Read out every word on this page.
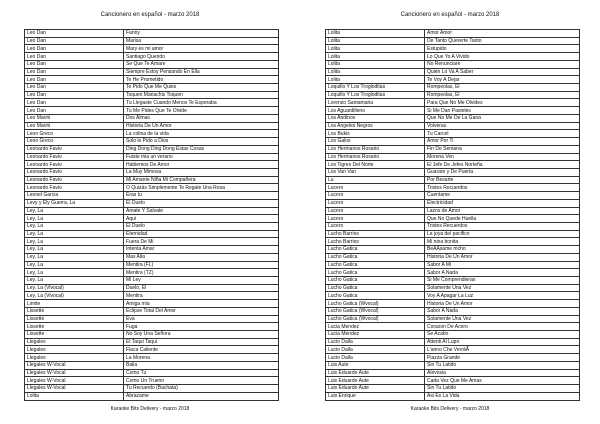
Cancionero en español - marzo 2018
Leo Dan	Fanny
Leo Dan	Marisa
Leo Dan	Mary es mi amor
Leo Dan	Santiago Querido
Leo Dan	Se Que Te Amare
Leo Dan	Siempre Estoy Pensando En Ella
Leo Dan	Te He Prometido
Leo Dan	Te Pido Que Me Quies
Leo Dan	Toquen Mariachis Toquen
Leo Dan	Tu Llegaste Cuando Menos Te Esperaba
Leo Dan	Tu Me Pides Que Te Olvide
Leo Marini	Dos Almas
Leo Marini	Historia De Un Amor
Leon Greco	La colina de la vida
Leon Greco	Solo le Pido a Dios
Leonardo Favio	Ding Dong Ding Dong Estas Cosas
Leonardo Favio	Fuiste mia un verano
Leonardo Favio	Hablemos De Amor
Leonardo Favio	La Muy Mimosa
Leonardo Favio	Mi Amante Niña Mi Compañera
Leonardo Favio	O Quizás Simplemente Te Regale Una Rosa
Leonel Garcia	Eras tu
Levy y Ely Guerra, La	El Duelo
Ley, La	Amate Y Salvate
Ley, La	Aqui
Ley, La	El Duelo
Ley, La	Eternidad
Ley, La	Fuera De Mi
Ley, La	Intenta Amar
Ley, La	Mas Alla
Ley, La	Mentira (FL)
Ley, La	Mentira (TZ)
Ley, La	Mi Ley
Ley, La (Vivocal)	Duelo, El
Ley, La (Vivocal)	Mentira
Limite	Amiga mia
Lissette	Eclipse Total Del Amor
Lissette	Eva
Lissette	Fuga
Lissette	No Soy Una Señora
Llegales	El Taqui Taqui
Llegales	Flaca Caliente
Llegales	La Morena
Llegales W-Vocal	Baila
Llegales W-Vocal	Como Tu
Llegales W-Vocal	Como Un Trueno
Llegales W-Vocal	Tu Recuerdo (Bachata)
Lolita	Abrazame
Karaoke Bits Delivery - marzo 2018
Cancionero en español - marzo 2018
Lolita	Amor Amor
Lolita	De Tanto Quererte Tanto
Lolita	Estupido
Lolita	Lo Que Yo A Vivido
Lolita	No Renunciare
Lolita	Quien Lo Va A Saber
Lolita	Te Voy A Dejar
Loquillo Y Los Trogloditas	Rompeolas, El
Loquillo Y Los Trogloditas	Rompeolas, El
Lorenzo Santamaria	Para Que No Me Olvides
Los Aguardilleno	Si Me Dan Pasteles
Los Andinos	Que No Me De La Gana
Los Angeles Negros	Volveras
Los Bukis	Tu Carcel
Los Galos	Amor Por Ti
Los Hermanos Rosario	Fin De Semana
Los Hermanos Rosario	Morena Ven
Los Tigres Del Norte	El Jefe De Jefes Norteña
Los Van Van	Guarare y De Puerta
Lu	Por Besarte
Lucero	Tristes Recuerdos
Lucero	Cuentame
Lucero	Electricidad
Lucero	Lazos de Amor
Lucero	Que No Quede Huella
Lucero	Tristes Recuerdos
Lucho Barrios	La joya del pacifico
Lucho Barrios	Mi nina bonita
Lucho Gatica	BeÃÃsame mcho
Lucho Gatica	Historia De Un Amor
Lucho Gatica	Sabor A Mi
Lucho Gatica	Sabor A Nada
Lucho Gatica	Si Me Comprendieras
Lucho Gatica	Solamente Una Vez
Lucho Gatica	Voy A Apagar La Luz
Lucho Gatica (Wvocal)	Historia De Un Amor
Lucho Gatica (Wvocal)	Sabor A Nada
Lucho Gatica (Wvocal)	Solamente Una Vez
Lucia Mendez	Corazon De Acero
Lucia Mendez	Se Acabo
Lucio Dalla	Attenti Al Lupo
Lucio Dalla	L'anno Che VerrãÃ
Lucio Dalla	Piazza Grande
Luis Aute	Sin Tu Latido
Luis Eduardo Aute	Alevosia
Luis Eduardo Aute	Cada Vez Que Me Amas
Luis Eduardo Aute	Sin Tu Latido
Luis Enrique	Asi Es La Vida
Karaoke Bits Delivery - marzo 2018
